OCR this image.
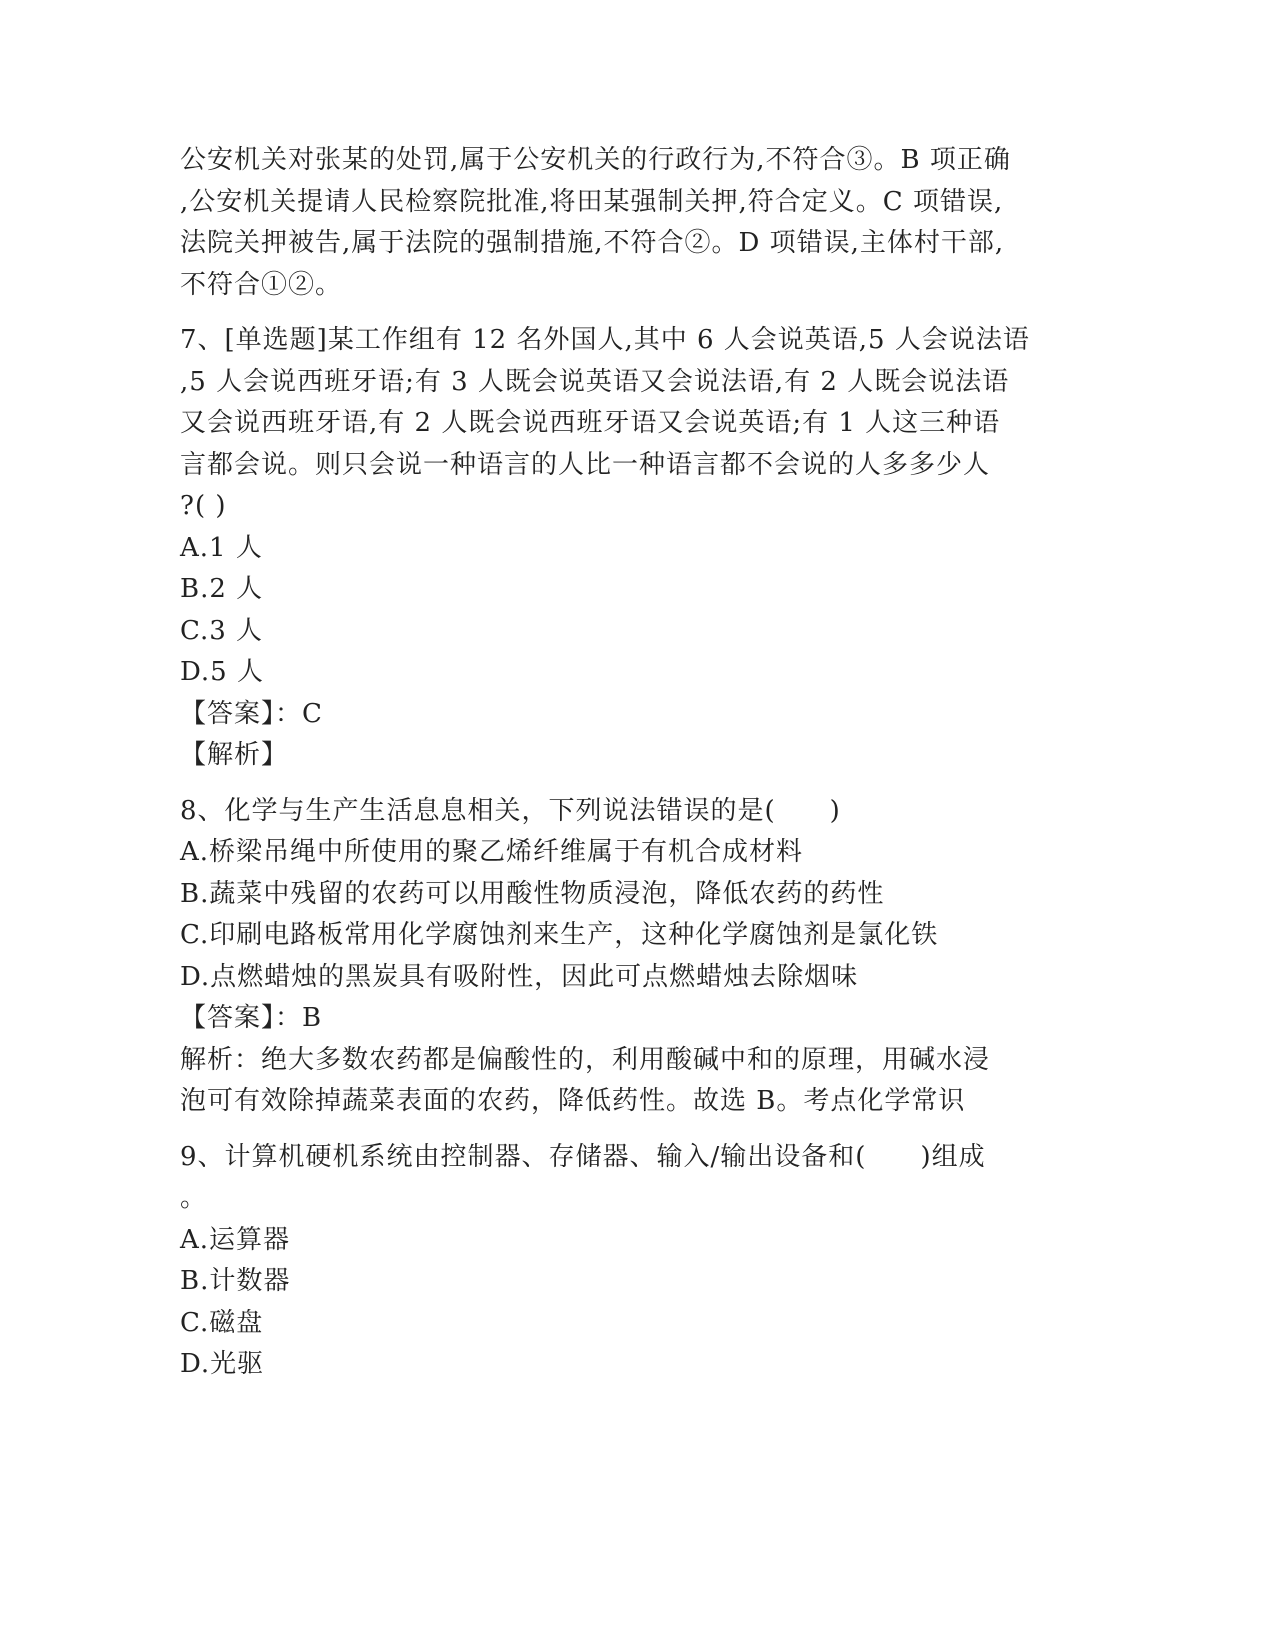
公安机关对张某的处罚,属于公安机关的行政行为,不符合③。B 项正确
,公安机关提请人民检察院批准,将田某强制关押,符合定义。C 项错误,
法院关押被告,属于法院的强制措施,不符合②。D 项错误,主体村干部,
不符合①②。
7、[单选题]某工作组有 12 名外国人,其中 6 人会说英语,5 人会说法语
,5 人会说西班牙语;有 3 人既会说英语又会说法语,有 2 人既会说法语
又会说西班牙语,有 2 人既会说西班牙语又会说英语;有 1 人这三种语
言都会说。则只会说一种语言的人比一种语言都不会说的人多多少人
?( )
A.1 人
B.2 人
C.3 人
D.5 人
【答案】：C
【解析】
8、化学与生产生活息息相关，下列说法错误的是(　　)
A.桥梁吊绳中所使用的聚乙烯纤维属于有机合成材料
B.蔬菜中残留的农药可以用酸性物质浸泡，降低农药的药性
C.印刷电路板常用化学腐蚀剂来生产，这种化学腐蚀剂是氯化铁
D.点燃蜡烛的黑炭具有吸附性，因此可点燃蜡烛去除烟味
【答案】：B
解析：绝大多数农药都是偏酸性的，利用酸碱中和的原理，用碱水浸
泡可有效除掉蔬菜表面的农药，降低药性。故选 B。考点化学常识
9、计算机硬机系统由控制器、存储器、输入/输出设备和(　　)组成
。
A.运算器
B.计数器
C.磁盘
D.光驱
